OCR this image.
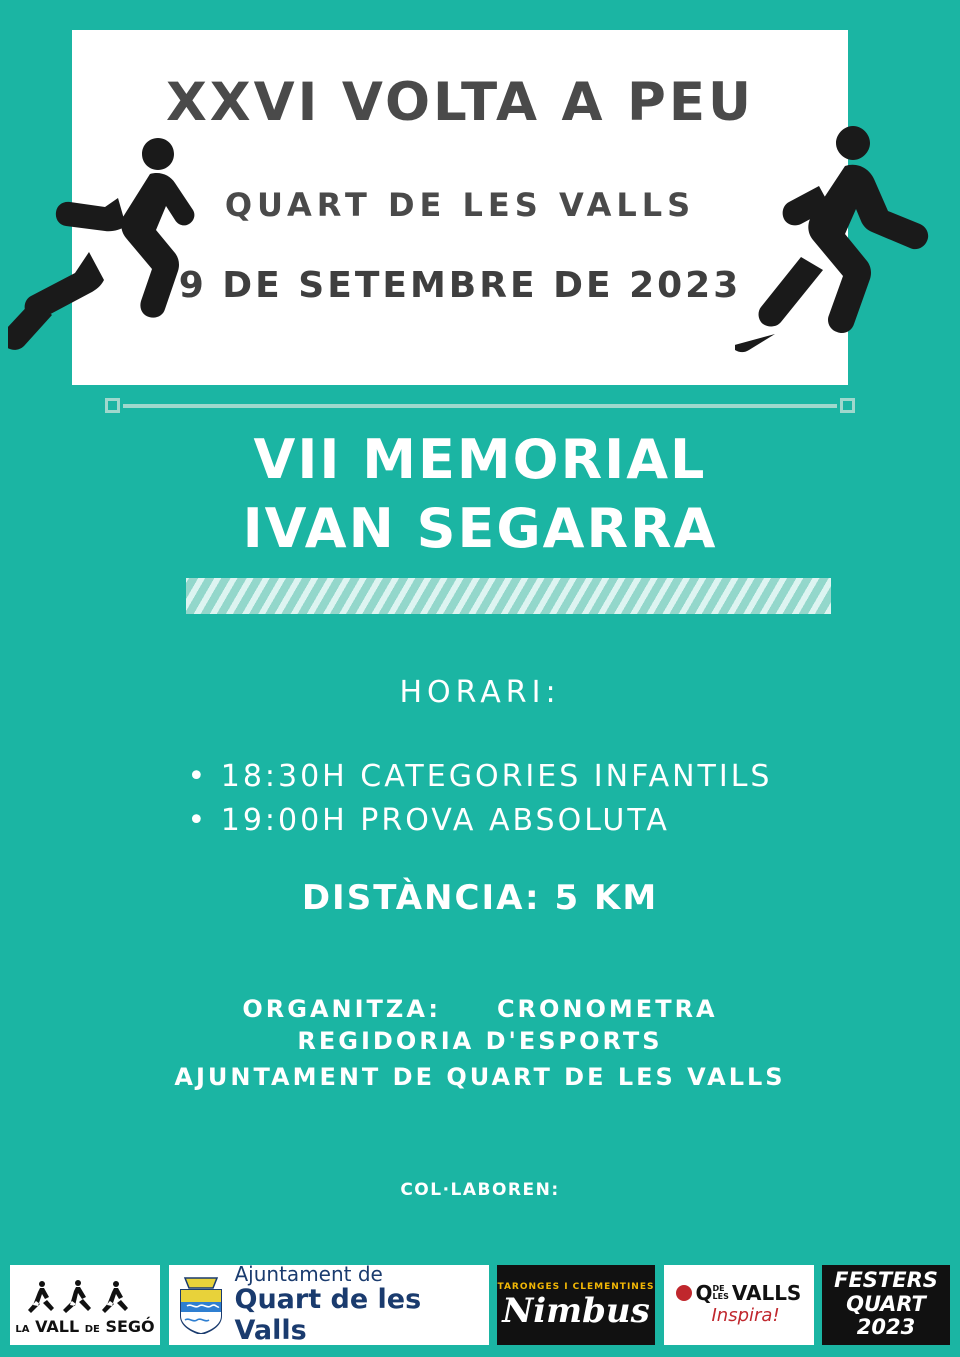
XXVI VOLTA A PEU
QUART DE LES VALLS
9 DE SETEMBRE DE 2023
VII MEMORIAL
IVAN SEGARRA
HORARI:
• 18:30H CATEGORIES INFANTILS
• 19:00H PROVA ABSOLUTA
DISTÀNCIA: 5 KM
ORGANITZA: CRONOMETRA
REGIDORIA D'ESPORTS
AJUNTAMENT DE QUART DE LES VALLS
COL·LABOREN:
LA VALL DE SEGÓ
Ajuntament de
Quart de les Valls
TARONGES I CLEMENTINES
Nimbus Q DE
LES VALLS
Inspira!
FESTERS
QUART
2023
